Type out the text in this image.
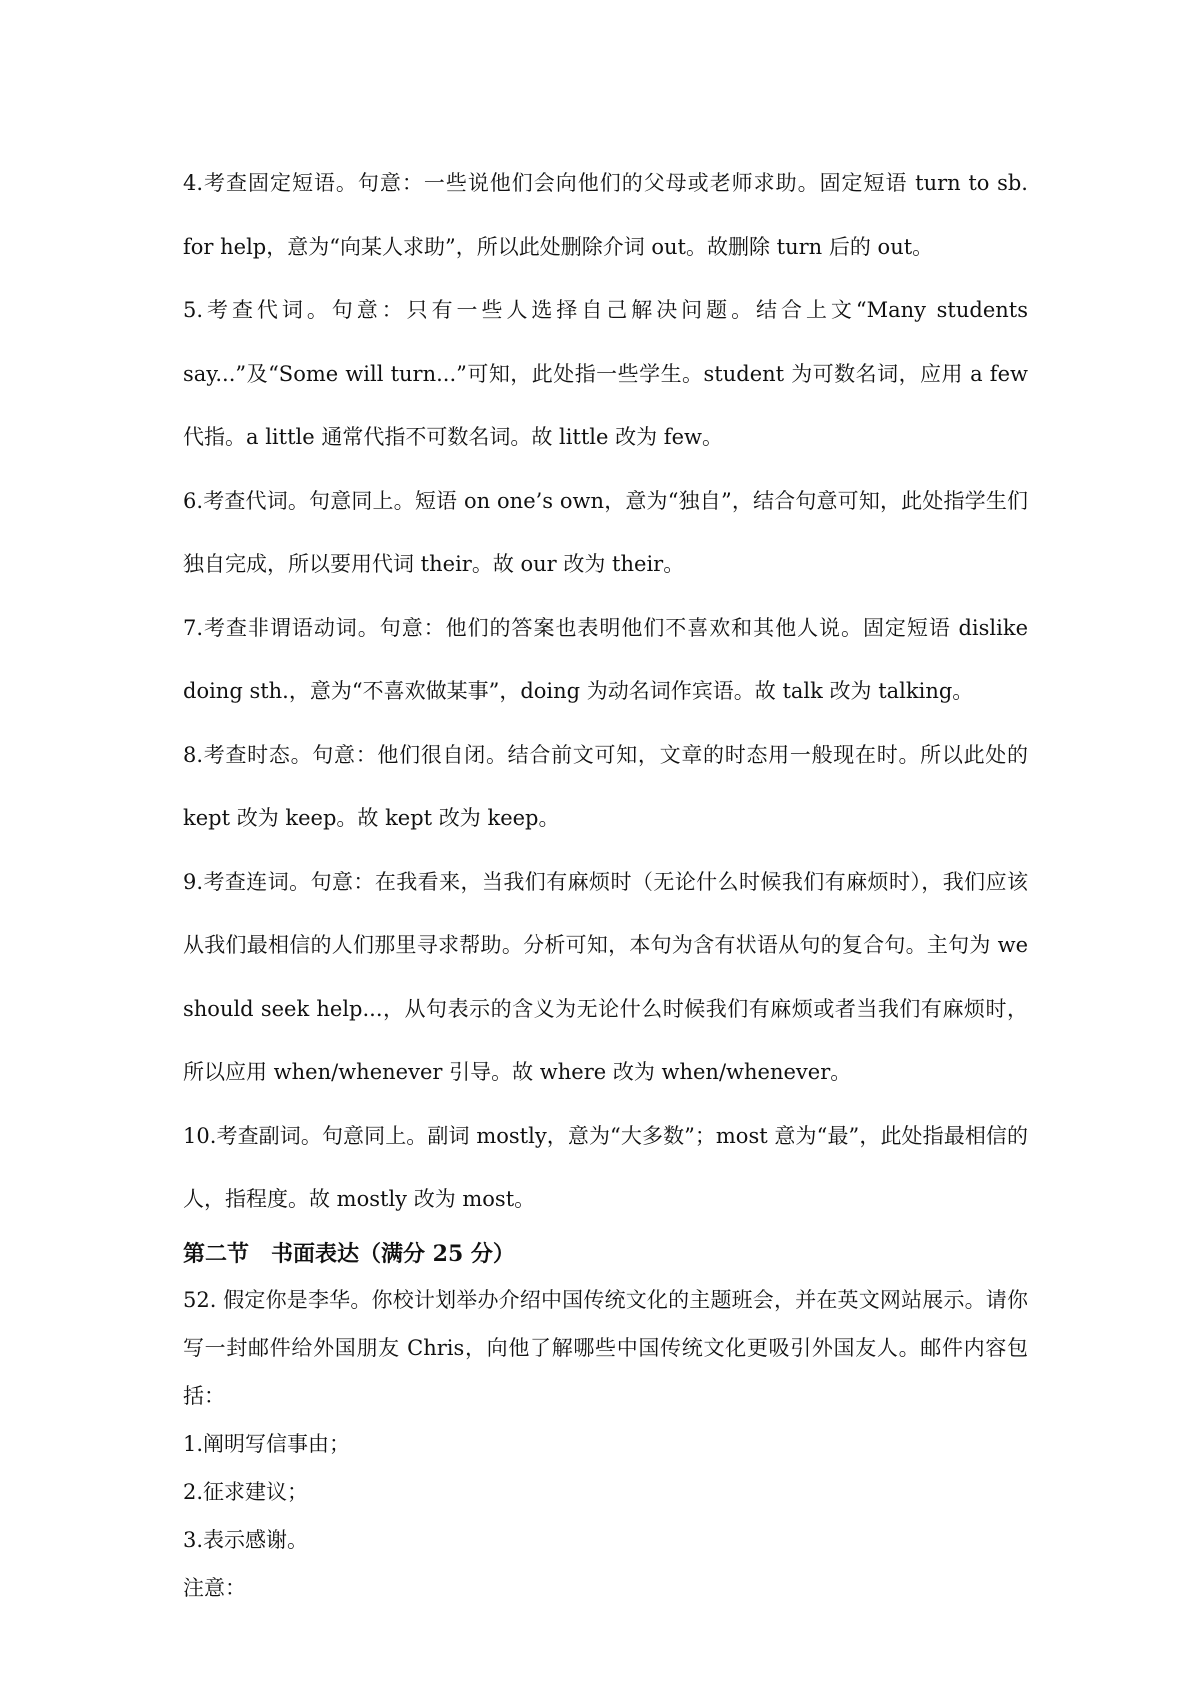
4.考查固定短语。句意：一些说他们会向他们的父母或老师求助。固定短语 turn to sb. for help，意为“向某人求助”，所以此处删除介词 out。故删除 turn 后的 out。

5.考查代词。句意：只有一些人选择自己解决问题。结合上文“Many students say...”及“Some will turn...”可知，此处指一些学生。student 为可数名词，应用 a few 代指。a little 通常代指不可数名词。故 little 改为 few。

6.考查代词。句意同上。短语 on one’s own，意为“独自”，结合句意可知，此处指学生们独自完成，所以要用代词 their。故 our 改为 their。

7.考查非谓语动词。句意：他们的答案也表明他们不喜欢和其他人说。固定短语 dislike doing sth.，意为“不喜欢做某事”，doing 为动名词作宾语。故 talk 改为 talking。

8.考查时态。句意：他们很自闭。结合前文可知，文章的时态用一般现在时。所以此处的 kept 改为 keep。故 kept 改为 keep。

9.考查连词。句意：在我看来，当我们有麻烦时（无论什么时候我们有麻烦时），我们应该从我们最相信的人们那里寻求帮助。分析可知，本句为含有状语从句的复合句。主句为 we should seek help...，从句表示的含义为无论什么时候我们有麻烦或者当我们有麻烦时，所以应用 when/whenever 引导。故 where 改为 when/whenever。

10.考查副词。句意同上。副词 mostly，意为“大多数”；most 意为“最”，此处指最相信的人，指程度。故 mostly 改为 most。

第二节　书面表达（满分 25 分）

52. 假定你是李华。你校计划举办介绍中国传统文化的主题班会，并在英文网站展示。请你写一封邮件给外国朋友 Chris，向他了解哪些中国传统文化更吸引外国友人。邮件内容包括：

1.阐明写信事由；

2.征求建议；

3.表示感谢。

注意：
